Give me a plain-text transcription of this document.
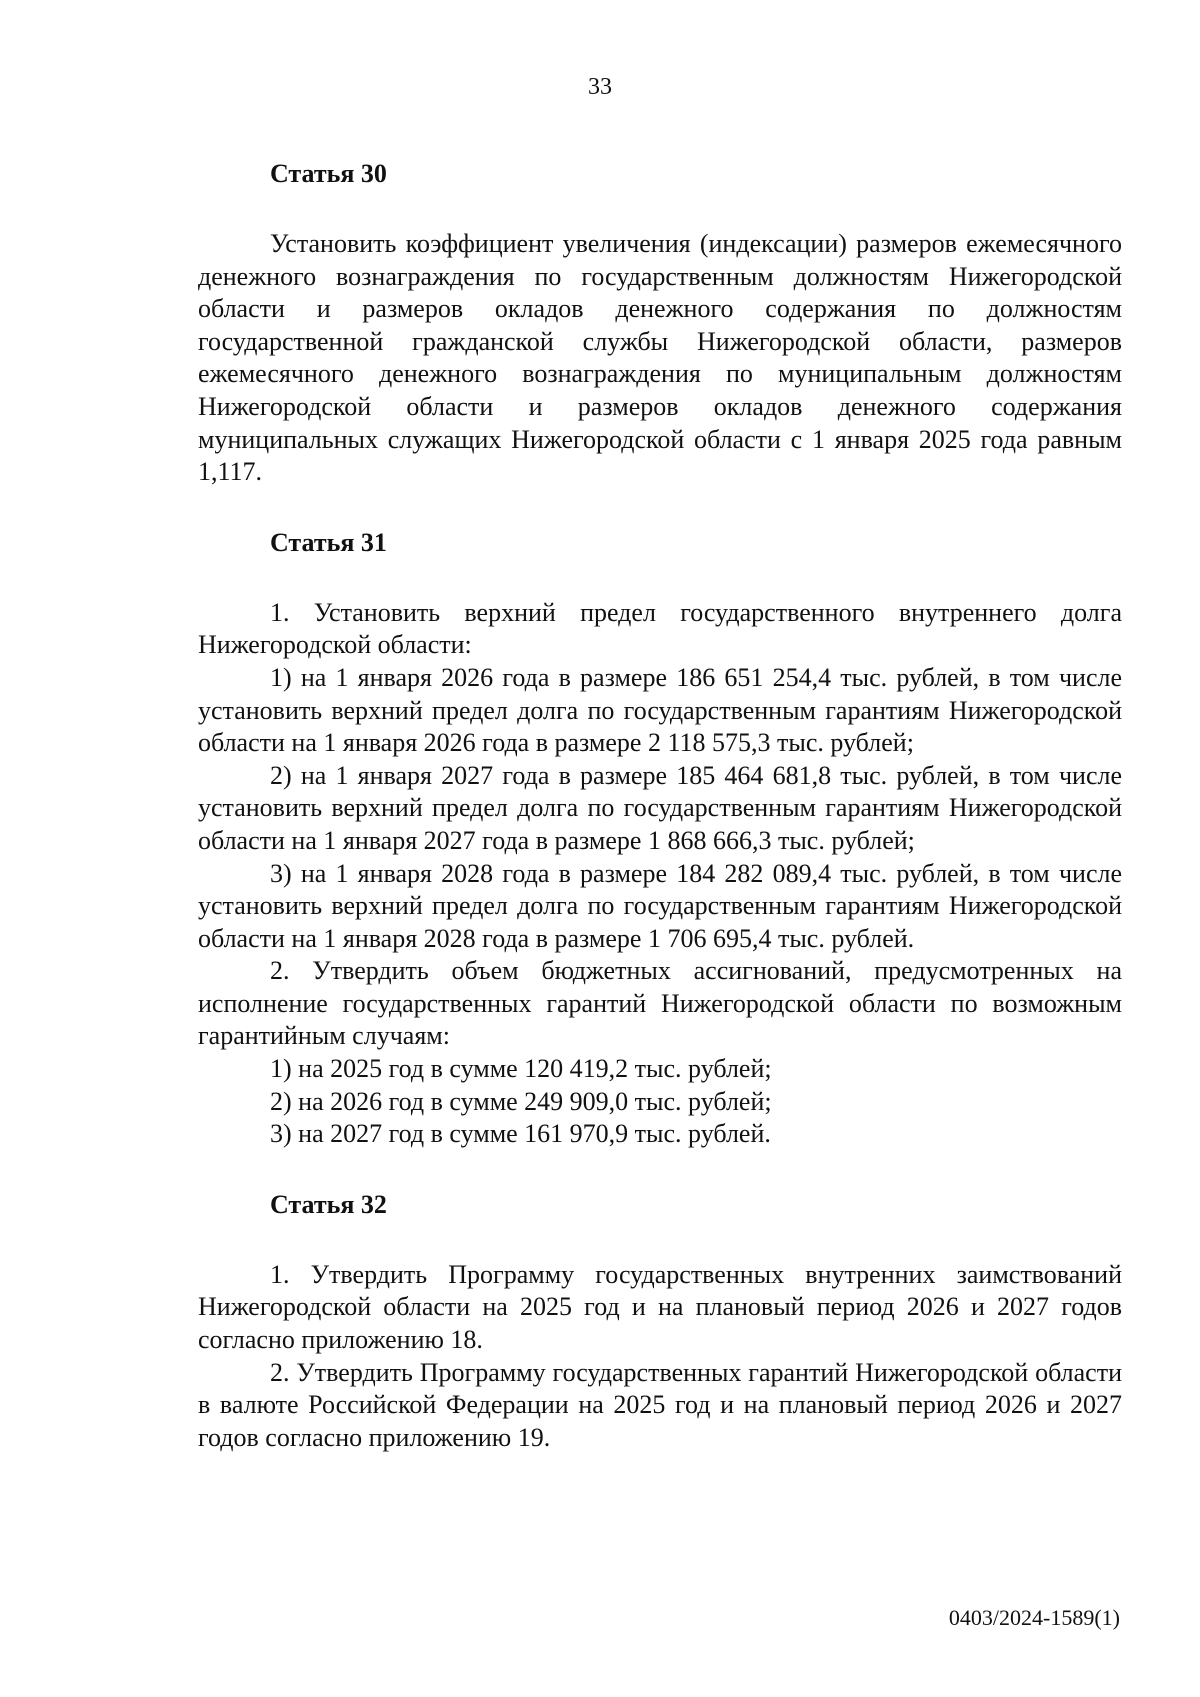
33
Статья 30

Установить коэффициент увеличения (индексации) размеров ежемесячного денежного вознаграждения по государственным должностям Нижегородской области и размеров окладов денежного содержания по должностям государственной гражданской службы Нижегородской области, размеров ежемесячного денежного вознаграждения по муниципальным должностям Нижегородской области и размеров окладов денежного содержания муниципальных служащих Нижегородской области с 1 января 2025 года равным 1,117.

Статья 31

1. Установить верхний предел государственного внутреннего долга Нижегородской области:

1) на 1 января 2026 года в размере 186 651 254,4 тыс. рублей, в том числе установить верхний предел долга по государственным гарантиям Нижегородской области на 1 января 2026 года в размере 2 118 575,3 тыс. рублей;

2) на 1 января 2027 года в размере 185 464 681,8 тыс. рублей, в том числе установить верхний предел долга по государственным гарантиям Нижегородской области на 1 января 2027 года в размере 1 868 666,3 тыс. рублей;

3) на 1 января 2028 года в размере 184 282 089,4 тыс. рублей, в том числе установить верхний предел долга по государственным гарантиям Нижегородской области на 1 января 2028 года в размере 1 706 695,4 тыс. рублей.

2. Утвердить объем бюджетных ассигнований, предусмотренных на исполнение государственных гарантий Нижегородской области по возможным гарантийным случаям:

1) на 2025 год в сумме 120 419,2 тыс. рублей;

2) на 2026 год в сумме 249 909,0 тыс. рублей;

3) на 2027 год в сумме 161 970,9 тыс. рублей.

Статья 32

1. Утвердить Программу государственных внутренних заимствований Нижегородской области на 2025 год и на плановый период 2026 и 2027 годов согласно приложению 18.

2. Утвердить Программу государственных гарантий Нижегородской области в валюте Российской Федерации на 2025 год и на плановый период 2026 и 2027 годов согласно приложению 19.

0403/2024-1589(1)
